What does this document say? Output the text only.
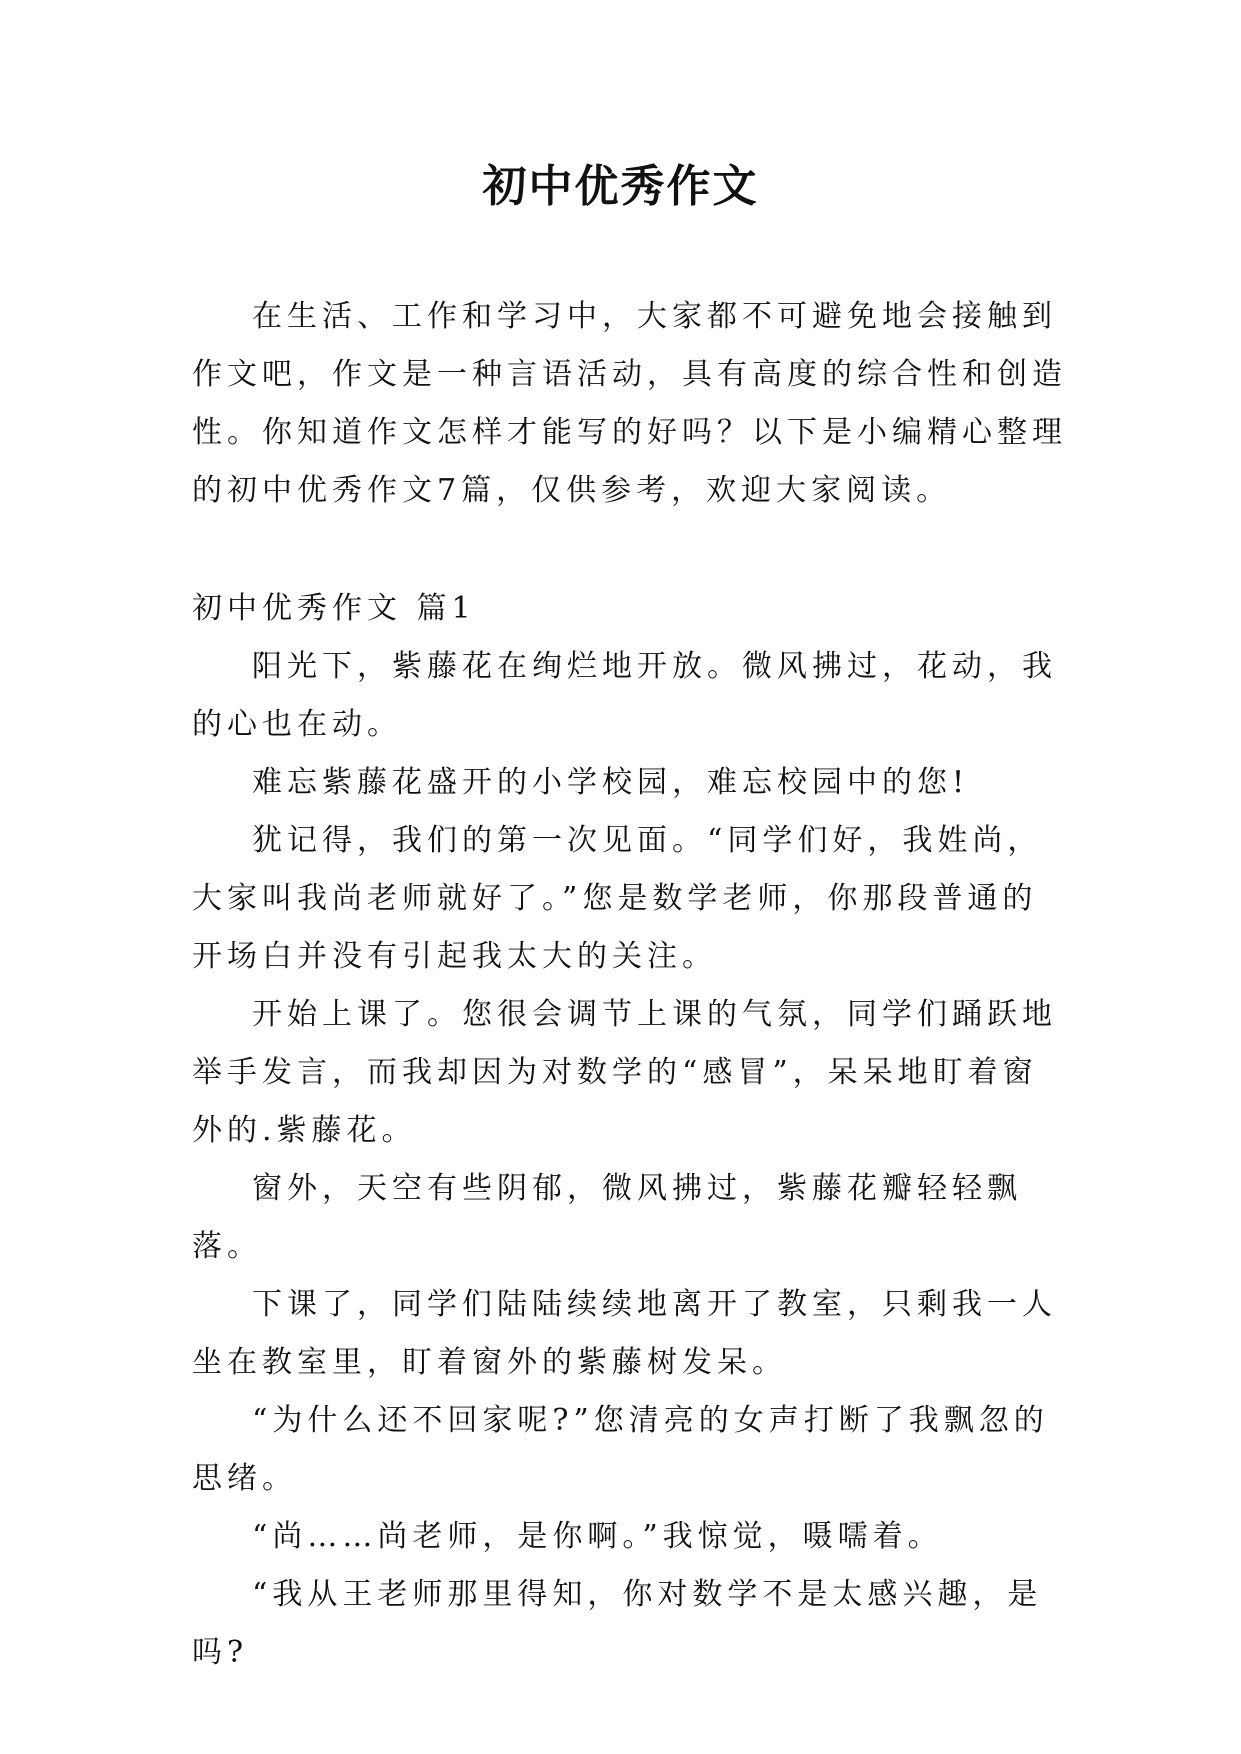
初中优秀作文

在生活、工作和学习中，大家都不可避免地会接触到作文吧，作文是一种言语活动，具有高度的综合性和创造性。你知道作文怎样才能写的好吗？以下是小编精心整理的初中优秀作文7篇，仅供参考，欢迎大家阅读。

初中优秀作文 篇1

阳光下，紫藤花在绚烂地开放。微风拂过，花动，我的心也在动。

难忘紫藤花盛开的小学校园，难忘校园中的您!

犹记得，我们的第一次见面。“同学们好，我姓尚，大家叫我尚老师就好了。”您是数学老师，你那段普通的开场白并没有引起我太大的关注。

开始上课了。您很会调节上课的气氛，同学们踊跃地举手发言，而我却因为对数学的“感冒”，呆呆地盯着窗外的.紫藤花。

窗外，天空有些阴郁，微风拂过，紫藤花瓣轻轻飘落。

下课了，同学们陆陆续续地离开了教室，只剩我一人坐在教室里，盯着窗外的紫藤树发呆。

“为什么还不回家呢?”您清亮的女声打断了我飘忽的思绪。

“尚……尚老师，是你啊。”我惊觉，嗫嚅着。

“我从王老师那里得知，你对数学不是太感兴趣，是吗?
